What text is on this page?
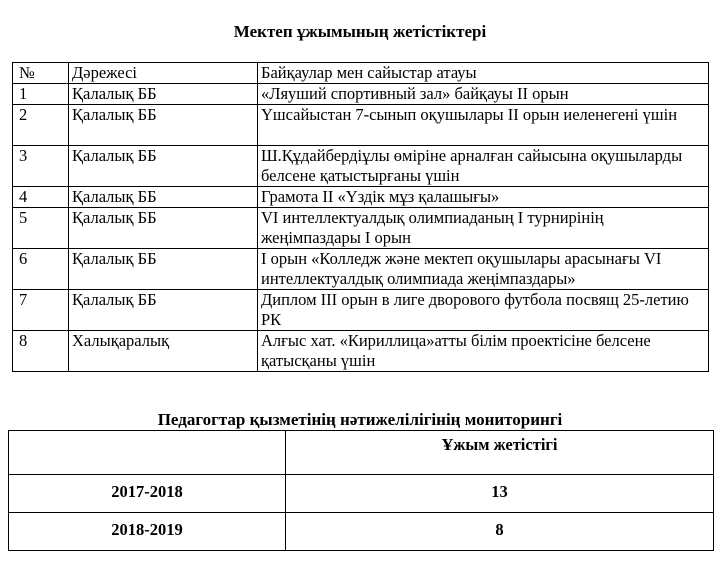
Мектеп ұжымының жетістіктері
№	Дәрежесі	Байқаулар мен сайыстар атауы
1	Қалалық ББ	«Ляуший спортивный зал» байқауы II орын
2	Қалалық ББ	Үшсайыстан 7-сынып оқушылары II орын иеленегені үшін
3	Қалалық ББ	Ш.Құдайбердіұлы өміріне арналған сайысына оқушыларды белсене қатыстырғаны үшін
4	Қалалық ББ	Грамота II «Үздік мұз қалашығы»
5	Қалалық ББ	VI интеллектуалдық олимпиаданың I турнирінің жеңімпаздары I орын
6	Қалалық ББ	I орын «Колледж және мектеп оқушылары арасынағы VI интеллектуалдық олимпиада жеңімпаздары»
7	Қалалық ББ	Диплом III орын в лиге дворового футбола посвящ 25-летию РК
8	Халықаралық	Алғыс хат. «Кириллица»атты білім проектісіне белсене қатысқаны үшін
Педагогтар қызметінің нәтижелілігінің мониторингі
	Ұжым жетістігі
2017-2018	13
2018-2019	8
